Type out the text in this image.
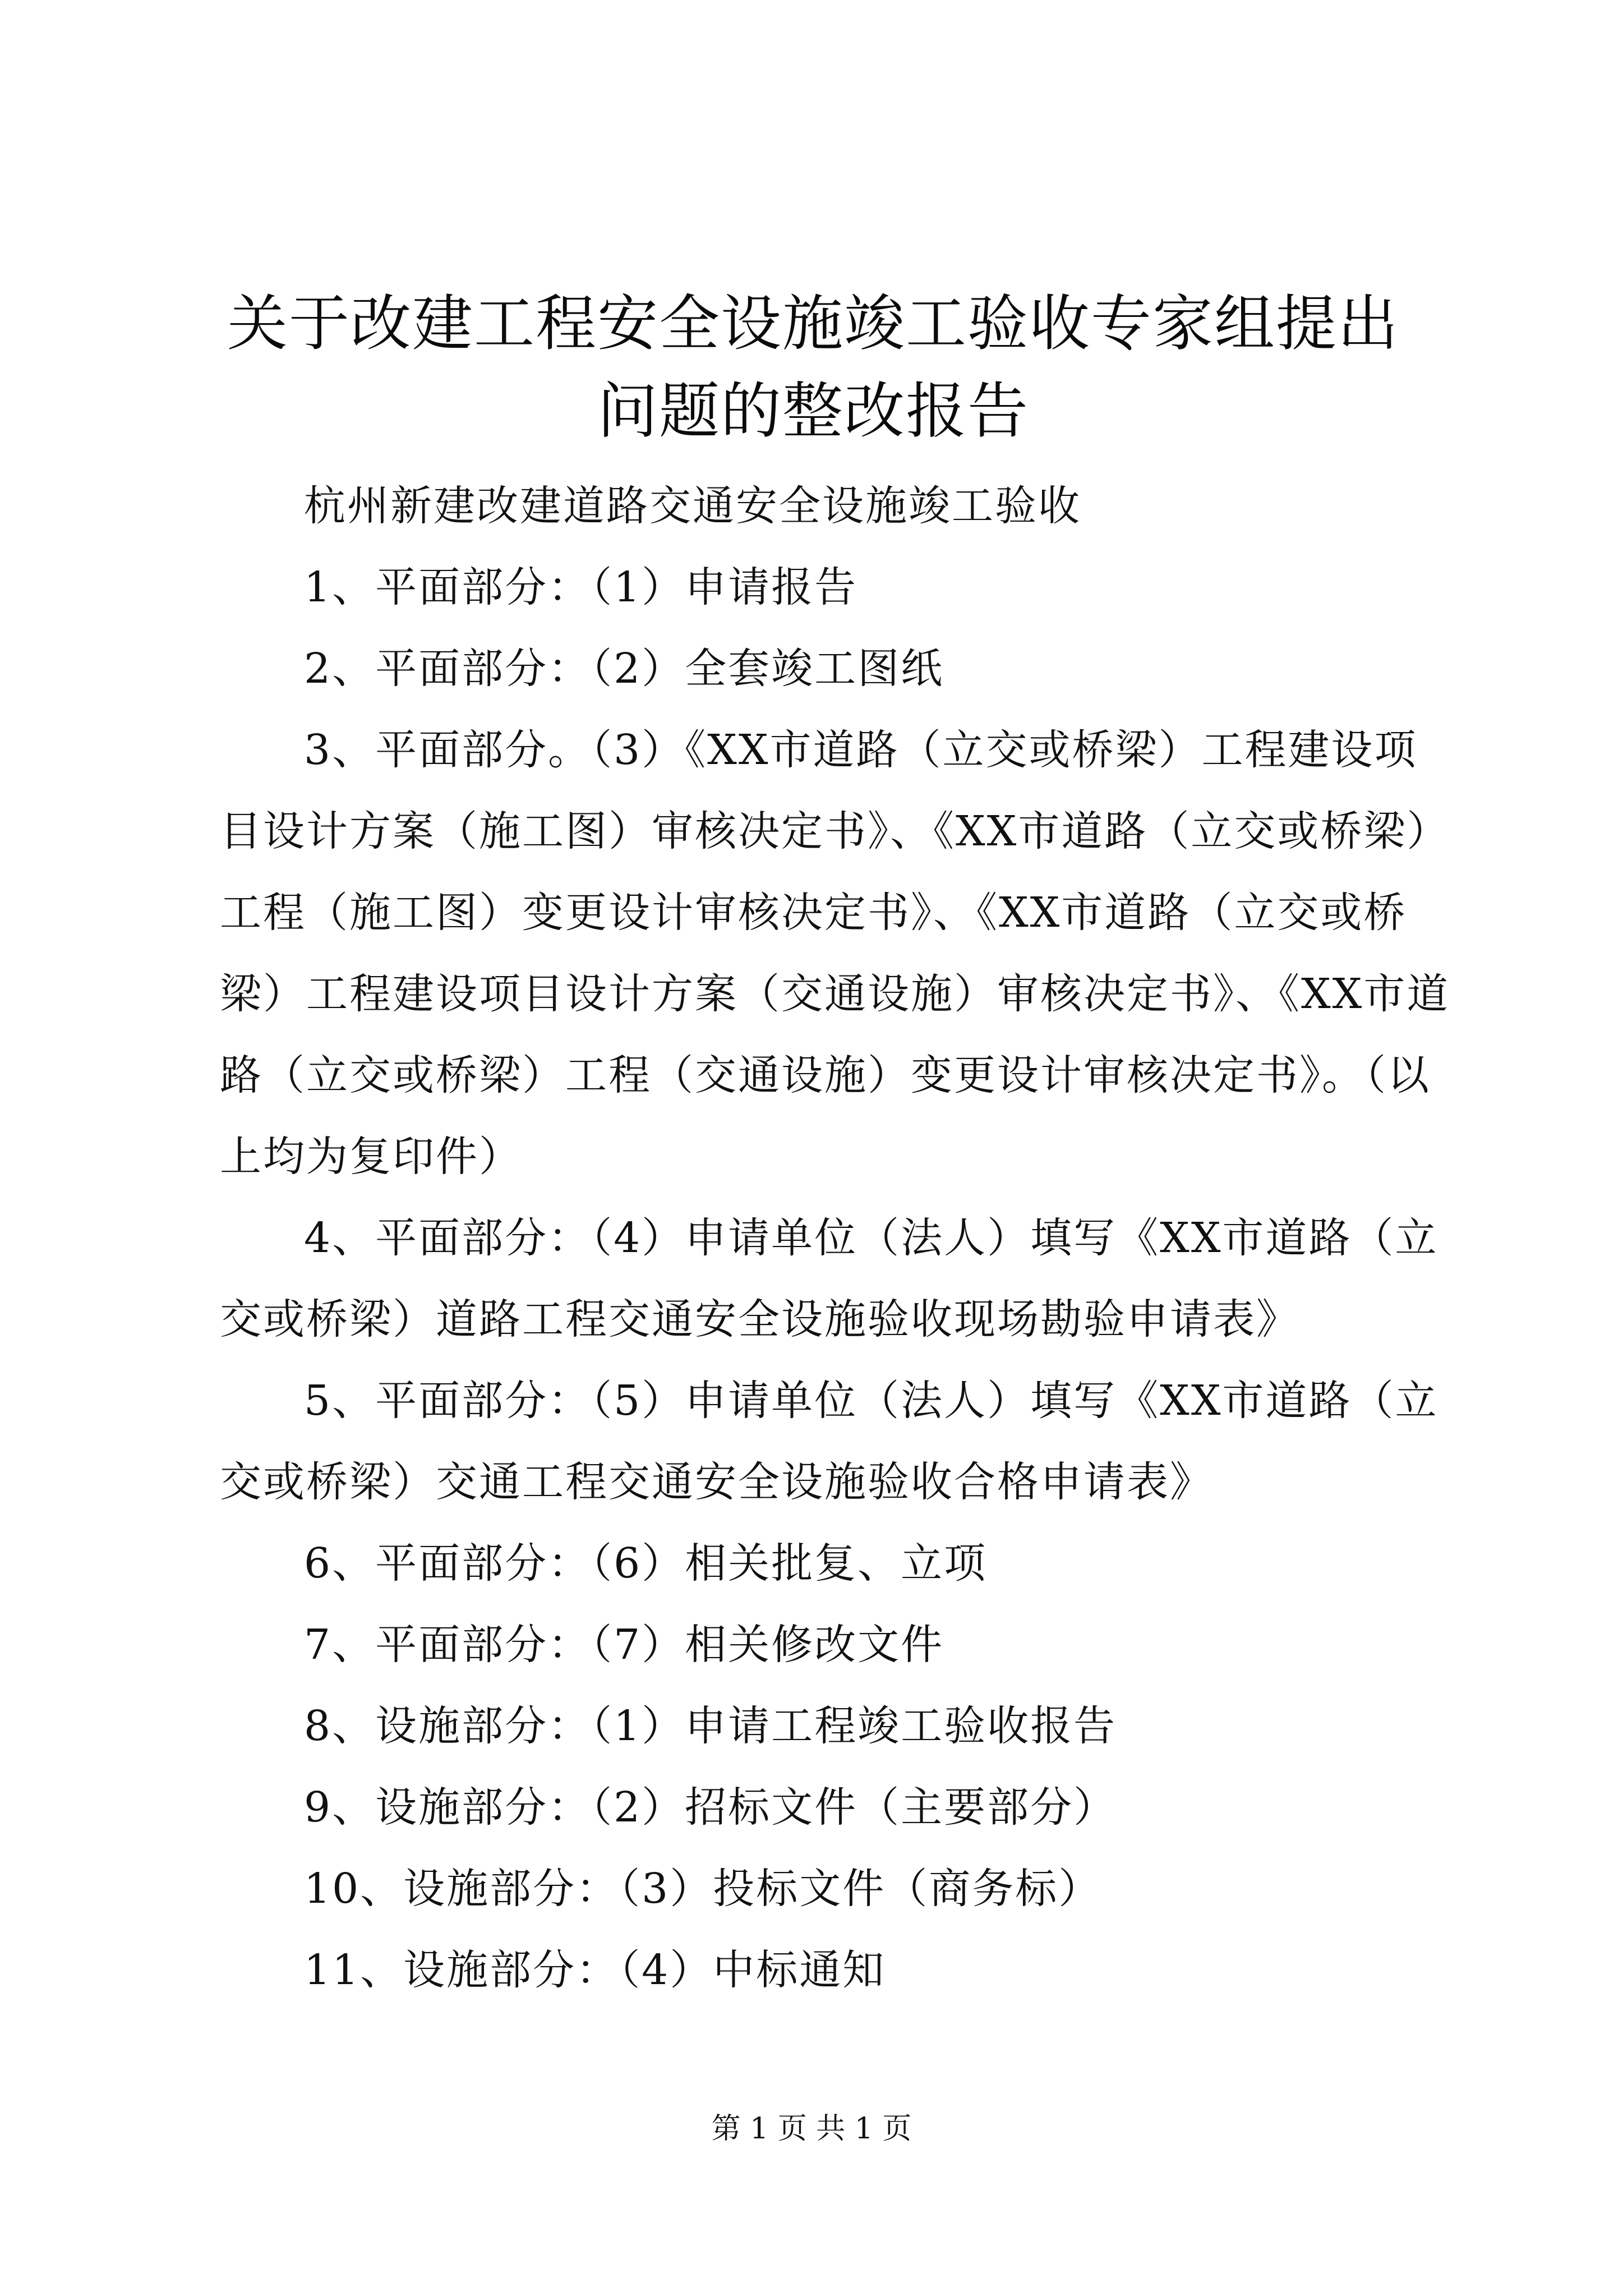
关于改建工程安全设施竣工验收专家组提出问题的整改报告

杭州新建改建道路交通安全设施竣工验收

1、平面部分：（1）申请报告

2、平面部分：（2）全套竣工图纸

3、平面部分。（3）《XX市道路（立交或桥梁）工程建设项目设计方案（施工图）审核决定书》、《XX市道路（立交或桥梁）工程（施工图）变更设计审核决定书》、《XX市道路（立交或桥梁）工程建设项目设计方案（交通设施）审核决定书》、《XX市道路（立交或桥梁）工程（交通设施）变更设计审核决定书》。（以上均为复印件）

4、平面部分：（4）申请单位（法人）填写《XX市道路（立交或桥梁）道路工程交通安全设施验收现场勘验申请表》

5、平面部分：（5）申请单位（法人）填写《XX市道路（立交或桥梁）交通工程交通安全设施验收合格申请表》

6、平面部分：（6）相关批复、立项

7、平面部分：（7）相关修改文件

8、设施部分：（1）申请工程竣工验收报告

9、设施部分：（2）招标文件（主要部分）

10、设施部分：（3）投标文件（商务标）

11、设施部分：（4）中标通知

第 1 页 共 1 页
